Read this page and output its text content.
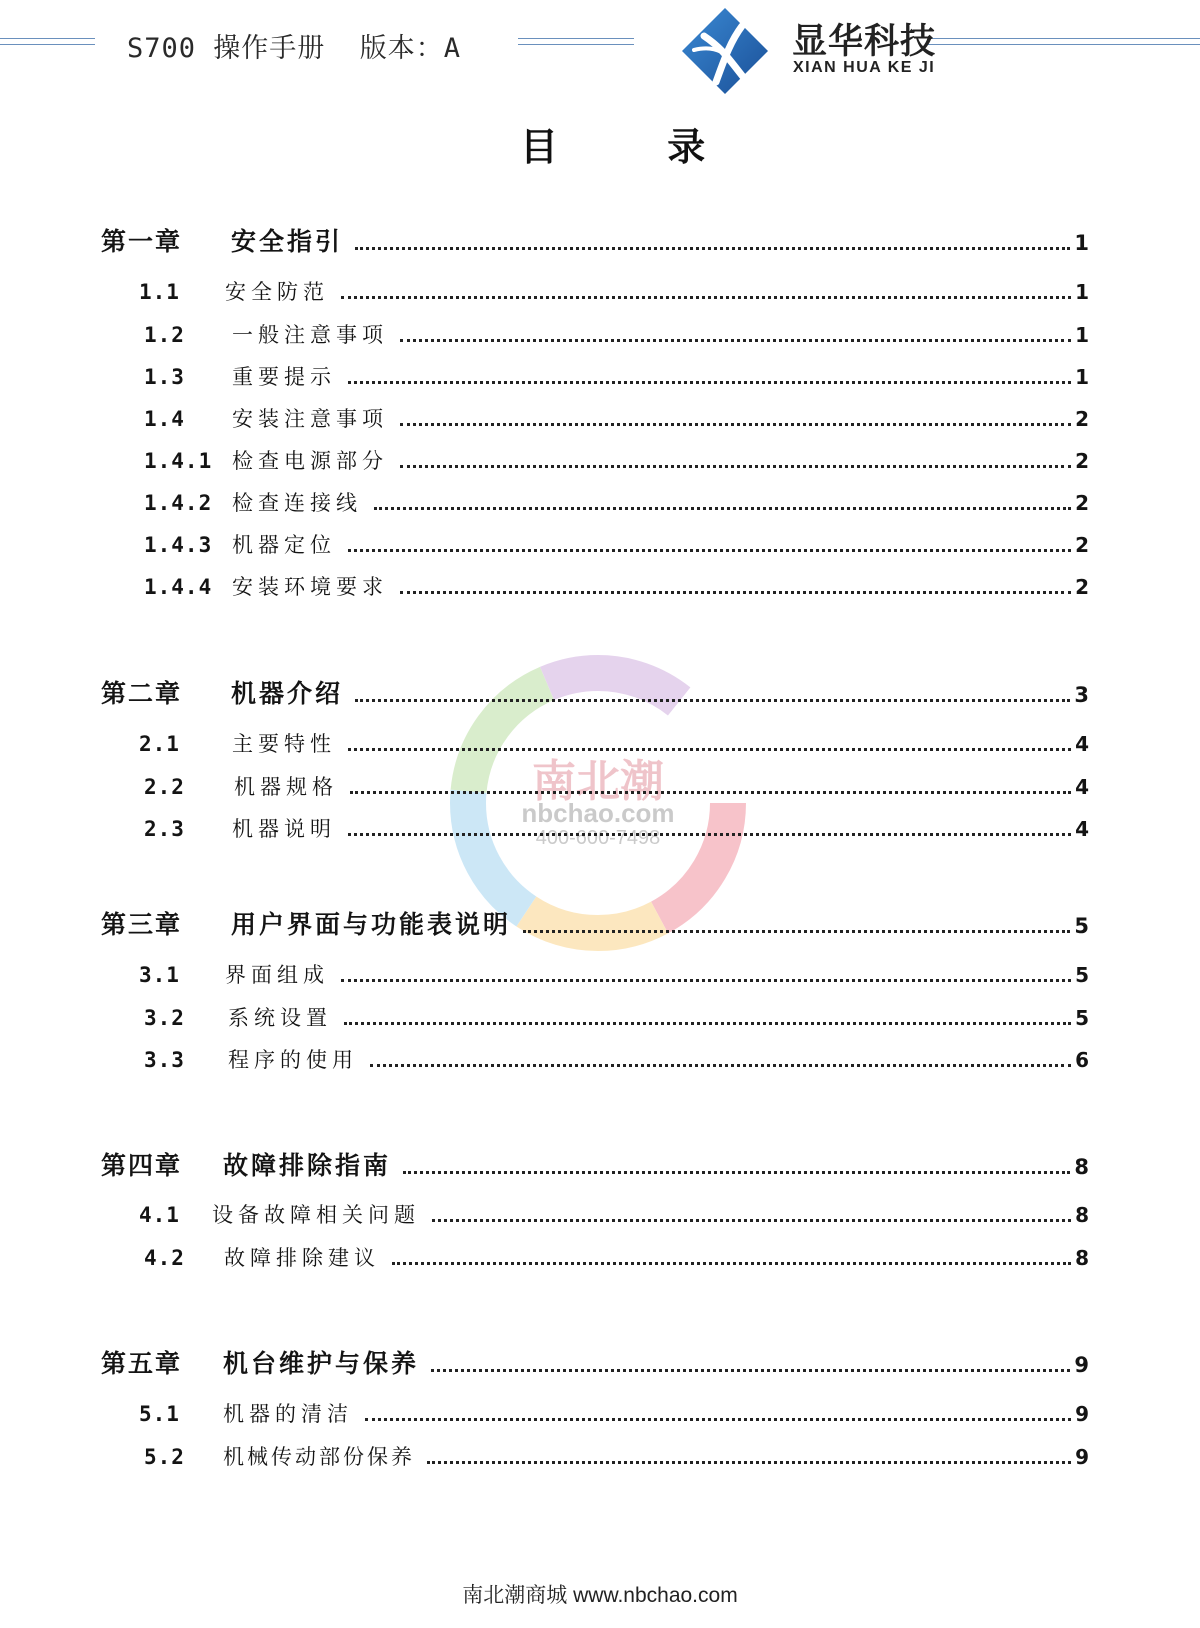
S700 操作手册  版本：A	显华科技
XIAN HUA KE JI
目 录
南北潮
nbchao.com
400-600-7498
第一章	安全指引	1
1.1	安全防范	1
1.2	一般注意事项	1
1.3	重要提示	1
1.4	安装注意事项	2
1.4.1 检查电源部分	2
1.4.2 检查连接线	2
1.4.3 机器定位	2
1.4.4 安装环境要求	2
第二章	机器介绍	3
2.1	主要特性	4
2.2	机器规格	4
2.3	机器说明	4
第三章	用户界面与功能表说明	5
3.1	界面组成	5
3.2	系统设置	5
3.3	程序的使用	6
第四章	故障排除指南	8
4.1	设备故障相关问题	8
4.2	故障排除建议	8
第五章	机台维护与保养	9
5.1	机器的清洁	9
5.2	机械传动部份保养	9
南北潮商城 www.nbchao.com
